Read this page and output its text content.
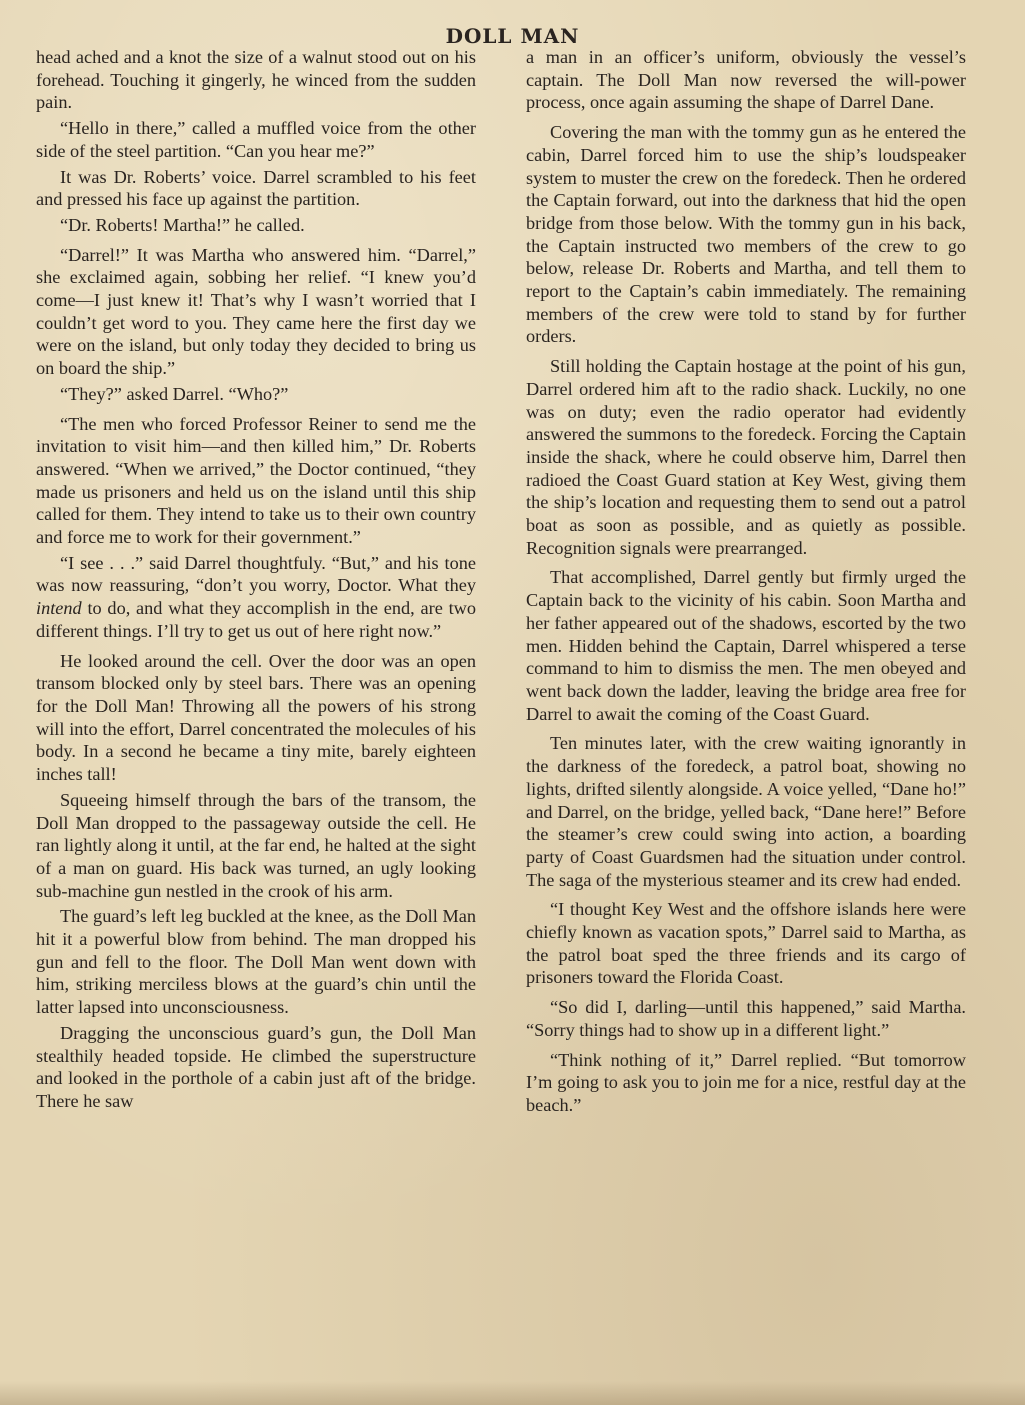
DOLL MAN

head ached and a knot the size of a walnut stood out on his forehead. Touching it gingerly, he winced from the sudden pain.

“Hello in there,” called a muffled voice from the other side of the steel partition. “Can you hear me?”

It was Dr. Roberts’ voice. Darrel scrambled to his feet and pressed his face up against the partition.

“Dr. Roberts! Martha!” he called.

“Darrel!” It was Martha who answered him. “Darrel,” she exclaimed again, sobbing her relief. “I knew you’d come—I just knew it! That’s why I wasn’t worried that I couldn’t get word to you. They came here the first day we were on the island, but only today they decided to bring us on board the ship.”

“They?” asked Darrel. “Who?”

“The men who forced Professor Reiner to send me the invitation to visit him—and then killed him,” Dr. Roberts answered. “When we arrived,” the Doctor continued, “they made us prisoners and held us on the island until this ship called for them. They intend to take us to their own country and force me to work for their government.”

“I see . . .” said Darrel thoughtfuly. “But,” and his tone was now reassuring, “don’t you worry, Doctor. What they intend to do, and what they accomplish in the end, are two different things. I’ll try to get us out of here right now.”

He looked around the cell. Over the door was an open transom blocked only by steel bars. There was an opening for the Doll Man! Throwing all the powers of his strong will into the effort, Darrel concentrated the molecules of his body. In a second he became a tiny mite, barely eighteen inches tall!

Squeeing himself through the bars of the transom, the Doll Man dropped to the passageway outside the cell. He ran lightly along it until, at the far end, he halted at the sight of a man on guard. His back was turned, an ugly looking sub-machine gun nestled in the crook of his arm.

The guard’s left leg buckled at the knee, as the Doll Man hit it a powerful blow from behind. The man dropped his gun and fell to the floor. The Doll Man went down with him, striking merciless blows at the guard’s chin until the latter lapsed into unconsciousness.

Dragging the unconscious guard’s gun, the Doll Man stealthily headed topside. He climbed the superstructure and looked in the porthole of a cabin just aft of the bridge. There he saw

a man in an officer’s uniform, obviously the vessel’s captain. The Doll Man now reversed the will-power process, once again assuming the shape of Darrel Dane.

Covering the man with the tommy gun as he entered the cabin, Darrel forced him to use the ship’s loudspeaker system to muster the crew on the foredeck. Then he ordered the Captain forward, out into the darkness that hid the open bridge from those below. With the tommy gun in his back, the Captain instructed two members of the crew to go below, release Dr. Roberts and Martha, and tell them to report to the Captain’s cabin immediately. The remaining members of the crew were told to stand by for further orders.

Still holding the Captain hostage at the point of his gun, Darrel ordered him aft to the radio shack. Luckily, no one was on duty; even the radio operator had evidently answered the summons to the foredeck. Forcing the Captain inside the shack, where he could observe him, Darrel then radioed the Coast Guard station at Key West, giving them the ship’s location and requesting them to send out a patrol boat as soon as possible, and as quietly as possible. Recognition signals were prearranged.

That accomplished, Darrel gently but firmly urged the Captain back to the vicinity of his cabin. Soon Martha and her father appeared out of the shadows, escorted by the two men. Hidden behind the Captain, Darrel whispered a terse command to him to dismiss the men. The men obeyed and went back down the ladder, leaving the bridge area free for Darrel to await the coming of the Coast Guard.

Ten minutes later, with the crew waiting ignorantly in the darkness of the foredeck, a patrol boat, showing no lights, drifted silently alongside. A voice yelled, “Dane ho!” and Darrel, on the bridge, yelled back, “Dane here!” Before the steamer’s crew could swing into action, a boarding party of Coast Guardsmen had the situation under control. The saga of the mysterious steamer and its crew had ended.

“I thought Key West and the offshore islands here were chiefly known as vacation spots,” Darrel said to Martha, as the patrol boat sped the three friends and its cargo of prisoners toward the Florida Coast.

“So did I, darling—until this happened,” said Martha. “Sorry things had to show up in a different light.”

“Think nothing of it,” Darrel replied. “But tomorrow I’m going to ask you to join me for a nice, restful day at the beach.”
